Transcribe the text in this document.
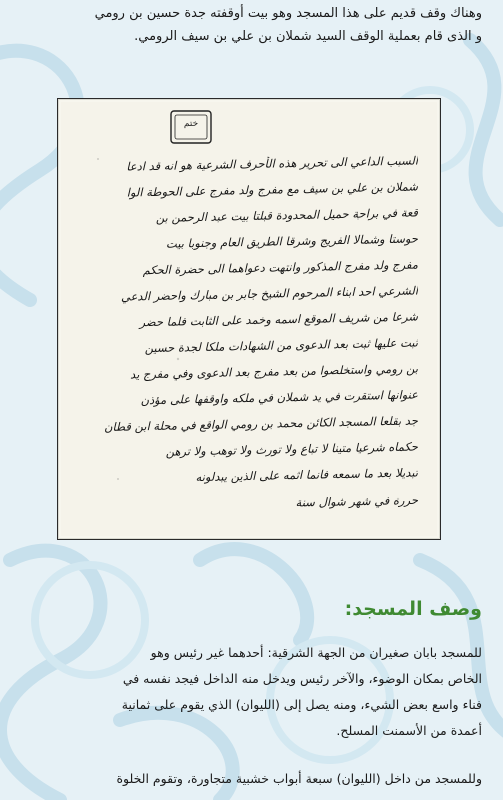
وهناك وقف قديم على هذا المسجد وهو بيت أوقفته جدة حسين بن رومي
و الذى قام بعملية الوقف السيد شملان بن علي بن سيف الرومي.
ختم
السبب الداعي الى تحرير هذه الأحرف الشرعية هو انه قد ادعا
شملان بن علي بن سيف مع مفرج ولد مفرج على الحوطة الوا
قعة في براحة حميل المحدودة قبلتا بيت عبد الرحمن بن
حوستا وشمالا الفريج وشرقا الطريق العام وجنوبا بيت
مفرج ولد مفرج المذكور وانتهت دعواهما الى حضرة الحكم
الشرعي احد ابناء المرحوم الشيخ جابر بن مبارك واحضر الدعي
شرعا من شريف الموقع اسمه وخمد على الثابت فلما حضر
ثبت عليها ثبت بعد الدعوى من الشهادات ملكا لجدة حسين
بن رومي واستخلصوا من بعد مفرج بعد الدعوى وفي مفرج يد
عنوانها استقرت في يد شملان في ملكه واوقفها على مؤذن
جد بقلعا المسجد الكائن محمد بن رومي الواقع في محلة ابن قطان
حكماه شرعيا متينا لا تباع ولا تورث ولا توهب ولا ترهن
تبديلا بعد ما سمعه فانما اثمه على الذين يبدلونه
حرره في شهر شوال سنة
وصف المسجد:
للمسجد بابان صغيران من الجهة الشرقية: أحدهما غير رئيس وهو
الخاص بمكان الوضوء، والآخر رئيس ويدخل منه الداخل فيجد نفسه في
فناء واسع بعض الشيء، ومنه يصل إلى (الليوان) الذي يقوم على ثمانية
أعمدة من الأسمنت المسلح.
وللمسجد من داخل (الليوان) سبعة أبواب خشبية متجاورة، وتقوم الخلوة
